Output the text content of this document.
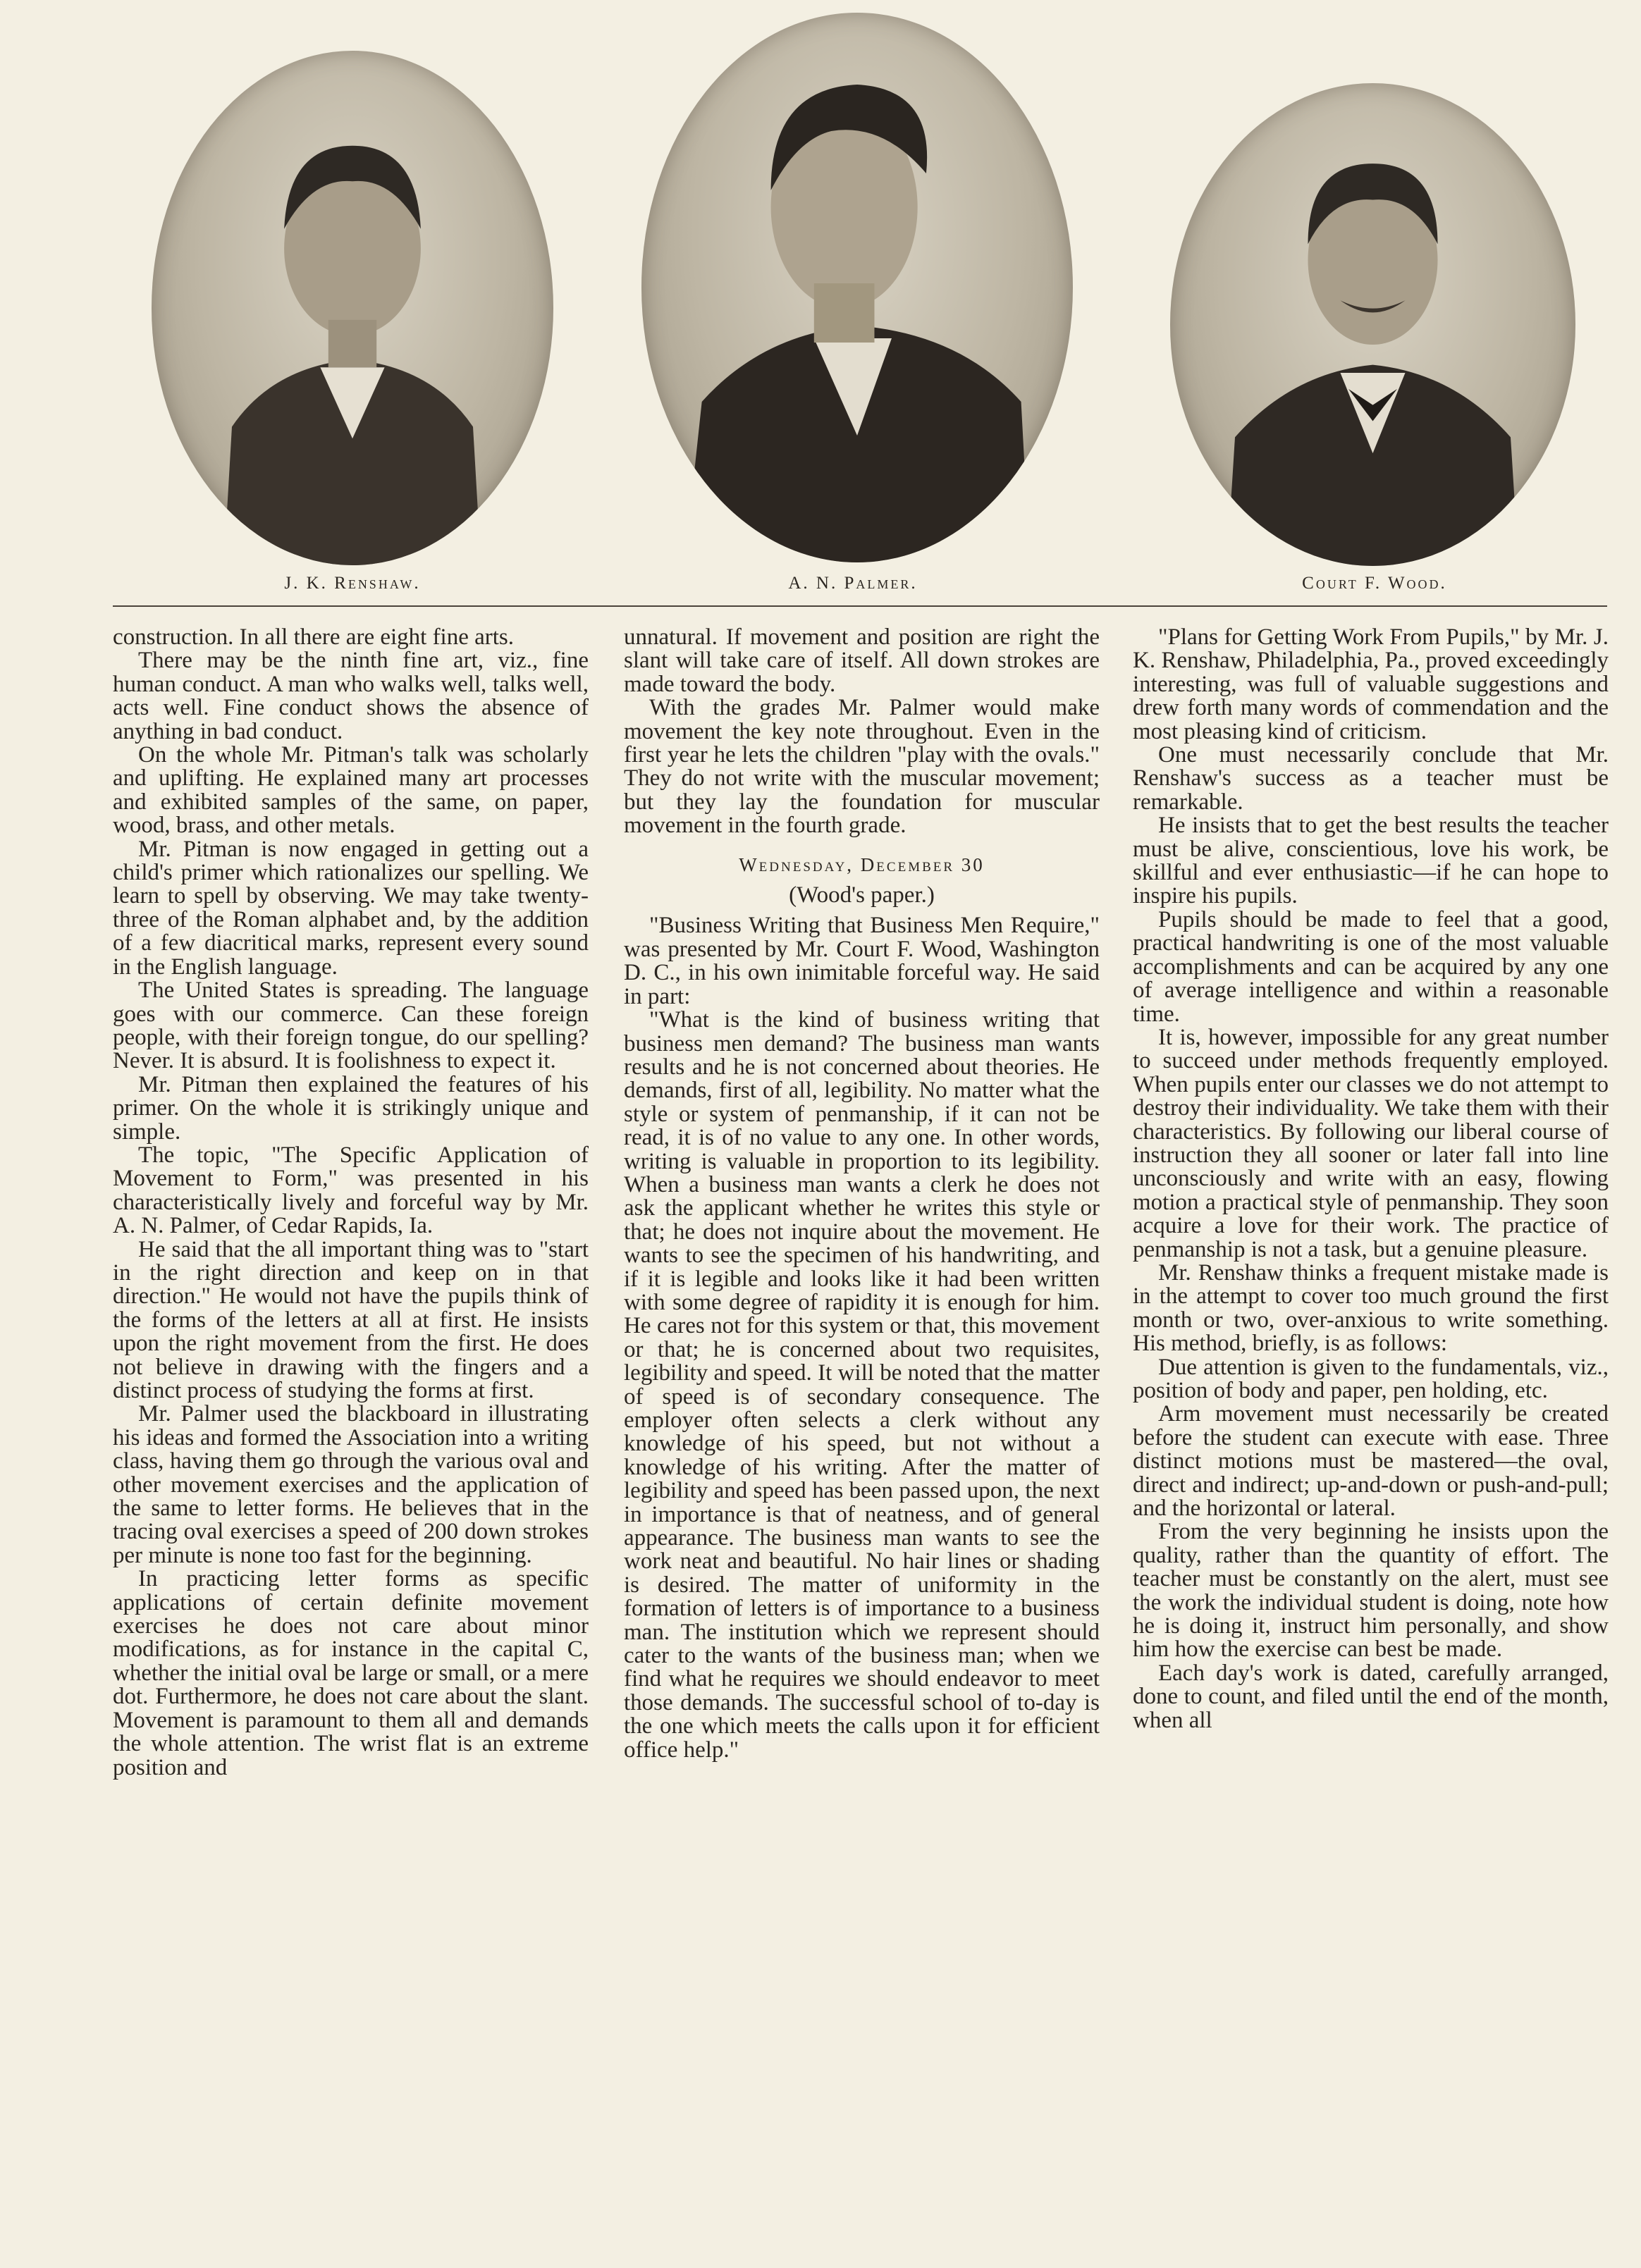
J. K. Renshaw.	A. N. Palmer.	Court F. Wood.

construction. In all there are eight fine arts.

There may be the ninth fine art, viz., fine human conduct. A man who walks well, talks well, acts well. Fine conduct shows the absence of anything in bad conduct.

On the whole Mr. Pitman's talk was scholarly and uplifting. He explained many art processes and exhibited samples of the same, on paper, wood, brass, and other metals.

Mr. Pitman is now engaged in getting out a child's primer which rationalizes our spelling. We learn to spell by observing. We may take twenty-three of the Roman alphabet and, by the addition of a few diacritical marks, represent every sound in the English language.

The United States is spreading. The language goes with our commerce. Can these foreign people, with their foreign tongue, do our spelling? Never. It is absurd. It is foolishness to expect it.

Mr. Pitman then explained the features of his primer. On the whole it is strikingly unique and simple.

The topic, "The Specific Application of Movement to Form," was presented in his characteristically lively and forceful way by Mr. A. N. Palmer, of Cedar Rapids, Ia.

He said that the all important thing was to "start in the right direction and keep on in that direction." He would not have the pupils think of the forms of the letters at all at first. He insists upon the right movement from the first. He does not believe in drawing with the fingers and a distinct process of studying the forms at first.

Mr. Palmer used the blackboard in illustrating his ideas and formed the Association into a writing class, having them go through the various oval and other movement exercises and the application of the same to letter forms. He believes that in the tracing oval exercises a speed of 200 down strokes per minute is none too fast for the beginning.

In practicing letter forms as specific applications of certain definite movement exercises he does not care about minor modifications, as for instance in the capital C, whether the initial oval be large or small, or a mere dot. Furthermore, he does not care about the slant. Movement is paramount to them all and demands the whole attention. The wrist flat is an extreme position and

unnatural. If movement and position are right the slant will take care of itself. All down strokes are made toward the body.

With the grades Mr. Palmer would make movement the key note throughout. Even in the first year he lets the children "play with the ovals." They do not write with the muscular movement; but they lay the foundation for muscular movement in the fourth grade.

Wednesday, December 30

(Wood's paper.)

"Business Writing that Business Men Require," was presented by Mr. Court F. Wood, Washington D. C., in his own inimitable forceful way. He said in part:

"What is the kind of business writing that business men demand? The business man wants results and he is not concerned about theories. He demands, first of all, legibility. No matter what the style or system of penmanship, if it can not be read, it is of no value to any one. In other words, writing is valuable in proportion to its legibility. When a business man wants a clerk he does not ask the applicant whether he writes this style or that; he does not inquire about the movement. He wants to see the specimen of his handwriting, and if it is legible and looks like it had been written with some degree of rapidity it is enough for him. He cares not for this system or that, this movement or that; he is concerned about two requisites, legibility and speed. It will be noted that the matter of speed is of secondary consequence. The employer often selects a clerk without any knowledge of his speed, but not without a knowledge of his writing. After the matter of legibility and speed has been passed upon, the next in importance is that of neatness, and of general appearance. The business man wants to see the work neat and beautiful. No hair lines or shading is desired. The matter of uniformity in the formation of letters is of importance to a business man. The institution which we represent should cater to the wants of the business man; when we find what he requires we should endeavor to meet those demands. The successful school of to-day is the one which meets the calls upon it for efficient office help."

"Plans for Getting Work From Pupils," by Mr. J. K. Renshaw, Philadelphia, Pa., proved exceedingly interesting, was full of valuable suggestions and drew forth many words of commendation and the most pleasing kind of criticism.

One must necessarily conclude that Mr. Renshaw's success as a teacher must be remarkable.

He insists that to get the best results the teacher must be alive, conscientious, love his work, be skillful and ever enthusiastic—if he can hope to inspire his pupils.

Pupils should be made to feel that a good, practical handwriting is one of the most valuable accomplishments and can be acquired by any one of average intelligence and within a reasonable time.

It is, however, impossible for any great number to succeed under methods frequently employed. When pupils enter our classes we do not attempt to destroy their individuality. We take them with their characteristics. By following our liberal course of instruction they all sooner or later fall into line unconsciously and write with an easy, flowing motion a practical style of penmanship. They soon acquire a love for their work. The practice of penmanship is not a task, but a genuine pleasure.

Mr. Renshaw thinks a frequent mistake made is in the attempt to cover too much ground the first month or two, over-anxious to write something. His method, briefly, is as follows:

Due attention is given to the fundamentals, viz., position of body and paper, pen holding, etc.

Arm movement must necessarily be created before the student can execute with ease. Three distinct motions must be mastered—the oval, direct and indirect; up-and-down or push-and-pull; and the horizontal or lateral.

From the very beginning he insists upon the quality, rather than the quantity of effort. The teacher must be constantly on the alert, must see the work the individual student is doing, note how he is doing it, instruct him personally, and show him how the exercise can best be made.

Each day's work is dated, carefully arranged, done to count, and filed until the end of the month, when all
